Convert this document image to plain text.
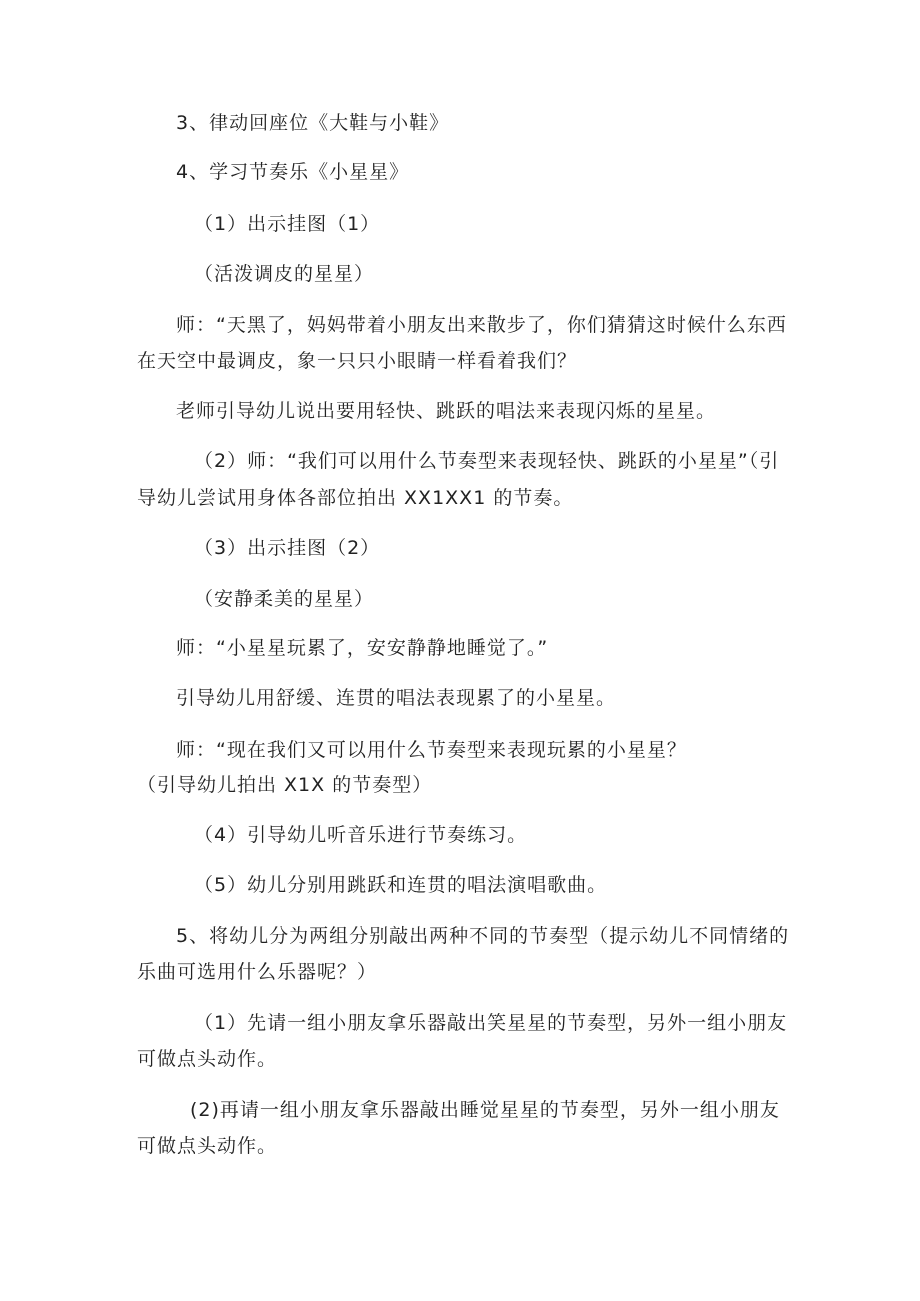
3、律动回座位《大鞋与小鞋》

4、学习节奏乐《小星星》

（1）出示挂图（1）

（活泼调皮的星星）

师：“天黑了，妈妈带着小朋友出来散步了，你们猜猜这时候什么东西

在天空中最调皮，象一只只小眼睛一样看着我们？

老师引导幼儿说出要用轻快、跳跃的唱法来表现闪烁的星星。

（2）师：“我们可以用什么节奏型来表现轻快、跳跃的小星星”（引

导幼儿尝试用身体各部位拍出 XX1XX1 的节奏。

（3）出示挂图（2）

（安静柔美的星星）

师：“小星星玩累了，安安静静地睡觉了。”

引导幼儿用舒缓、连贯的唱法表现累了的小星星。

师：“现在我们又可以用什么节奏型来表现玩累的小星星？

（引导幼儿拍出 X1X 的节奏型）

（4）引导幼儿听音乐进行节奏练习。

（5）幼儿分别用跳跃和连贯的唱法演唱歌曲。

5、将幼儿分为两组分别敲出两种不同的节奏型（提示幼儿不同情绪的

乐曲可选用什么乐器呢？）

（1）先请一组小朋友拿乐器敲出笑星星的节奏型，另外一组小朋友

可做点头动作。

(2)再请一组小朋友拿乐器敲出睡觉星星的节奏型，另外一组小朋友

可做点头动作。
